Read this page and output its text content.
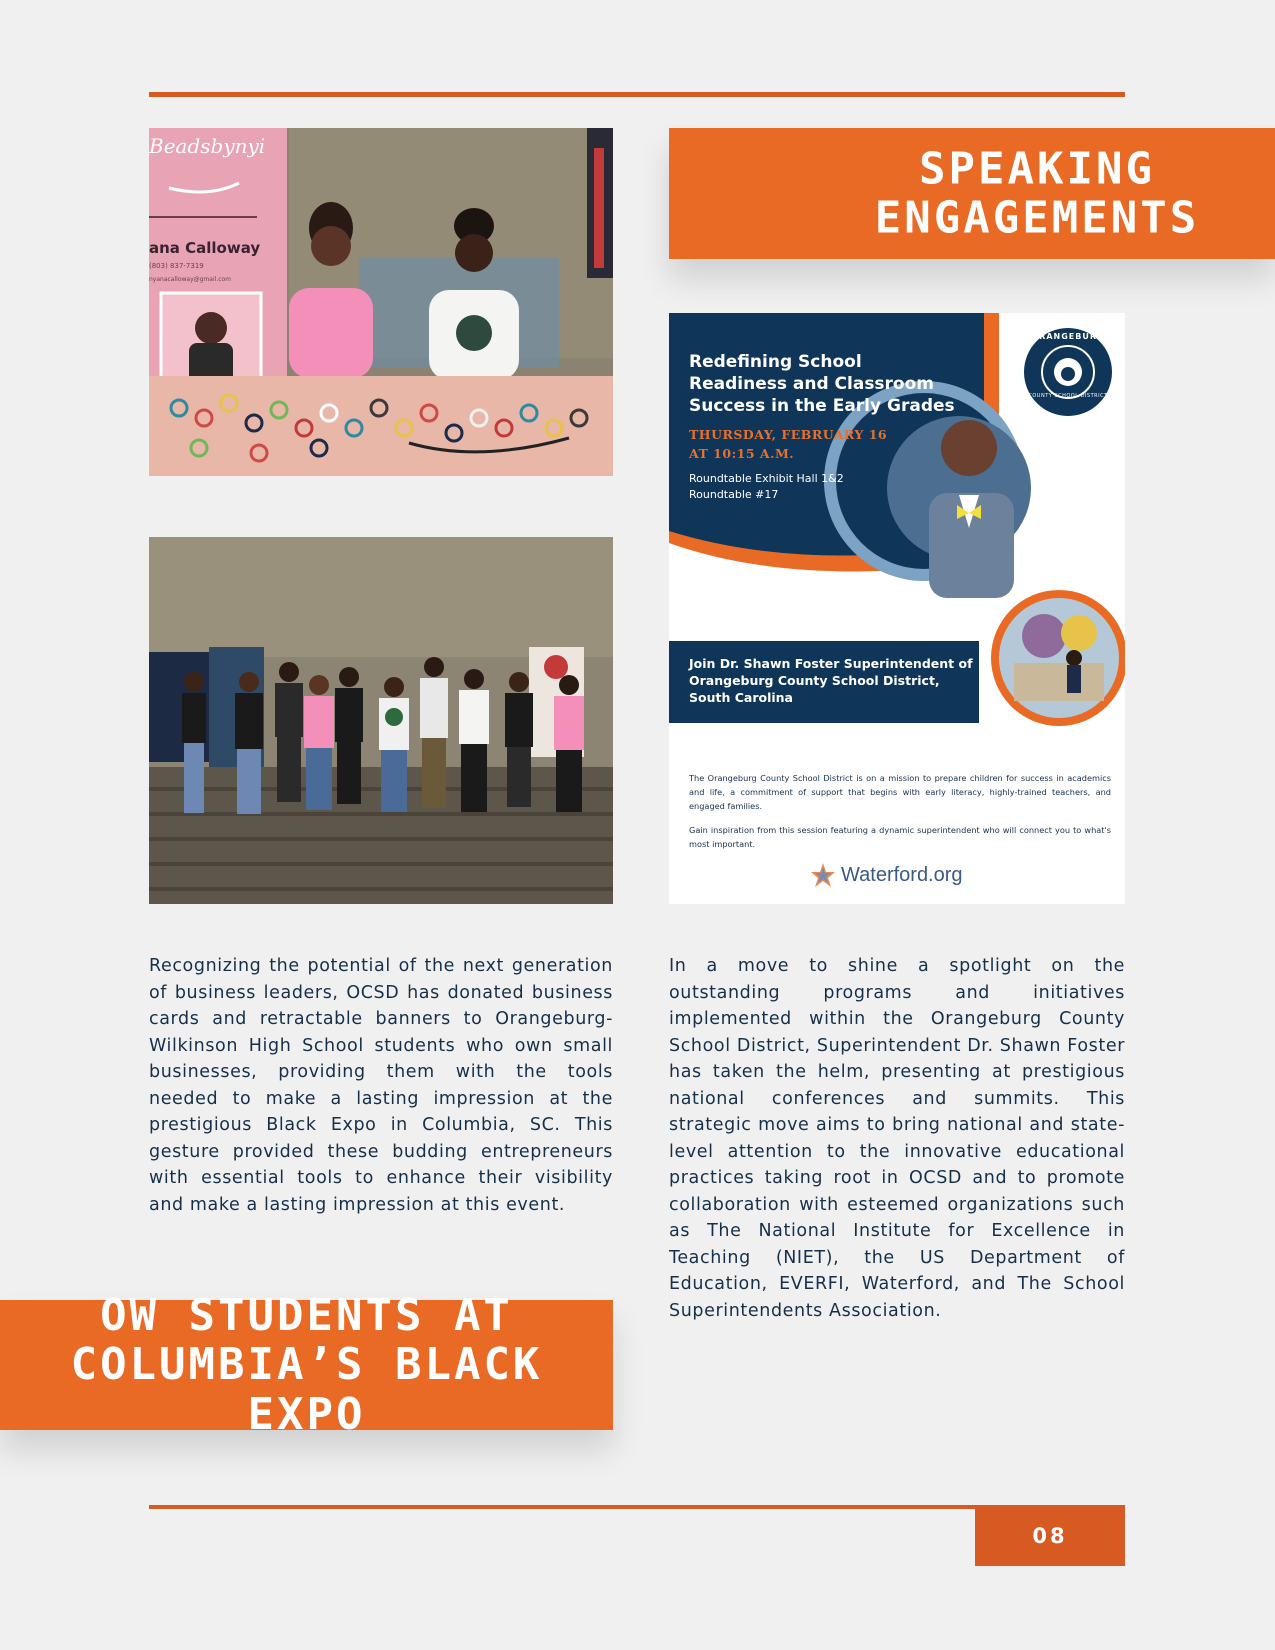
Beadsbynyi
ana Calloway
(803) 837-7319
nyanacalloway@gmail.com
SPEAKING
ENGAGEMENTS
Redefining School Readiness and Classroom Success in the Early Grades
THURSDAY, FEBRUARY 16
AT 10:15 A.M.
Roundtable Exhibit Hall 1&2
Roundtable #17
ORANGEBURG
COUNTY SCHOOL DISTRICT
Join Dr. Shawn Foster Superintendent of Orangeburg County School District, South Carolina
The Orangeburg County School District is on a mission to prepare children for success in academics and life, a commitment of support that begins with early literacy, highly-trained teachers, and engaged families.
Gain inspiration from this session featuring a dynamic superintendent who will connect you to what's most important.
Waterford.org
Recognizing the potential of the next generation of business leaders, OCSD has donated business cards and retractable banners to Orangeburg-Wilkinson High School students who own small businesses, providing them with the tools needed to make a lasting impression at the prestigious Black Expo in Columbia, SC. This gesture provided these budding entrepreneurs with essential tools to enhance their visibility and make a lasting impression at this event.
In a move to shine a spotlight on the outstanding programs and initiatives implemented within the Orangeburg County School District, Superintendent Dr. Shawn Foster has taken the helm, presenting at prestigious national conferences and summits. This strategic move aims to bring national and state-level attention to the innovative educational practices taking root in OCSD and to promote collaboration with esteemed organizations such as The National Institute for Excellence in Teaching (NIET), the US Department of Education, EVERFI, Waterford, and The School Superintendents Association.
OW STUDENTS AT
COLUMBIA’S BLACK EXPO
08
